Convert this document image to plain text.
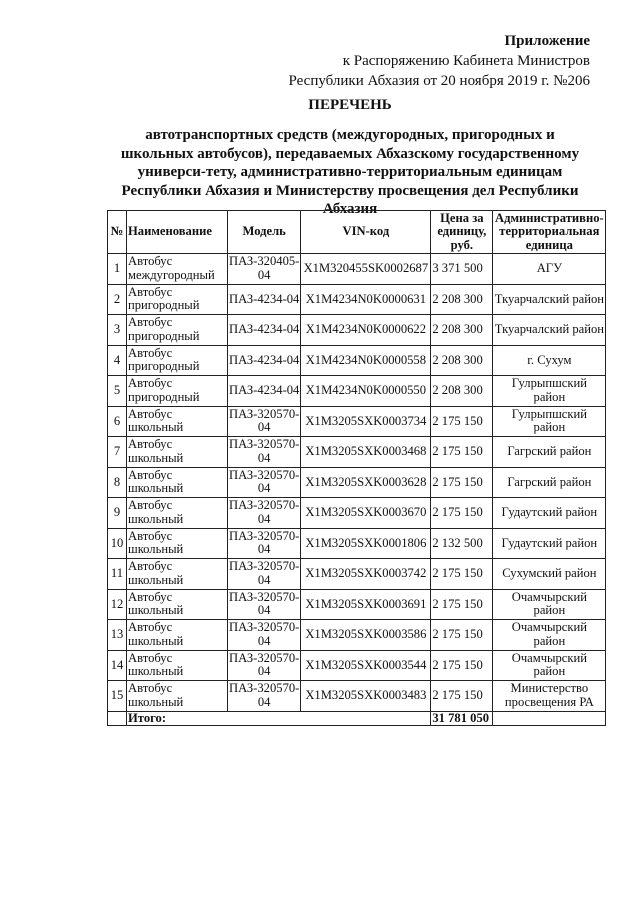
Приложение
к Распоряжению Кабинета Министров
Республики Абхазия от 20 ноября 2019 г. №206
ПЕРЕЧЕНЬ
автотранспортных средств (междугородных, пригородных и школьных автобусов), передаваемых Абхазскому государственному универси-тету, административно-территориальным единицам Республики Абхазия и Министерству просвещения дел Республики Абхазия
№	Наименование	Модель	VIN-код	Цена за единицу, руб.	Административно-территориальная единица
1	Автобус междугородный	ПАЗ-320405-04	X1M320455SK0002687	3 371 500	АГУ
2	Автобус пригородный	ПАЗ-4234-04	X1M4234N0K0000631	2 208 300	Ткуарчалский район
3	Автобус пригородный	ПАЗ-4234-04	X1M4234N0K0000622	2 208 300	Ткуарчалский район
4	Автобус пригородный	ПАЗ-4234-04	X1M4234N0K0000558	2 208 300	г. Сухум
5	Автобус пригородный	ПАЗ-4234-04	X1M4234N0K0000550	2 208 300	Гулрыпшский район
6	Автобус школьный	ПАЗ-320570-04	X1M3205SXK0003734	2 175 150	Гулрыпшский район
7	Автобус школьный	ПАЗ-320570-04	X1M3205SXK0003468	2 175 150	Гагрский район
8	Автобус школьный	ПАЗ-320570-04	X1M3205SXK0003628	2 175 150	Гагрский район
9	Автобус школьный	ПАЗ-320570-04	X1M3205SXK0003670	2 175 150	Гудаутский район
10	Автобус школьный	ПАЗ-320570-04	X1M3205SXK0001806	2 132 500	Гудаутский район
11	Автобус школьный	ПАЗ-320570-04	X1M3205SXK0003742	2 175 150	Сухумский район
12	Автобус школьный	ПАЗ-320570-04	X1M3205SXK0003691	2 175 150	Очамчырский район
13	Автобус школьный	ПАЗ-320570-04	X1M3205SXK0003586	2 175 150	Очамчырский район
14	Автобус школьный	ПАЗ-320570-04	X1M3205SXK0003544	2 175 150	Очамчырский район
15	Автобус школьный	ПАЗ-320570-04	X1M3205SXK0003483	2 175 150	Министерство просвещения РА
	Итого:			31 781 050	
